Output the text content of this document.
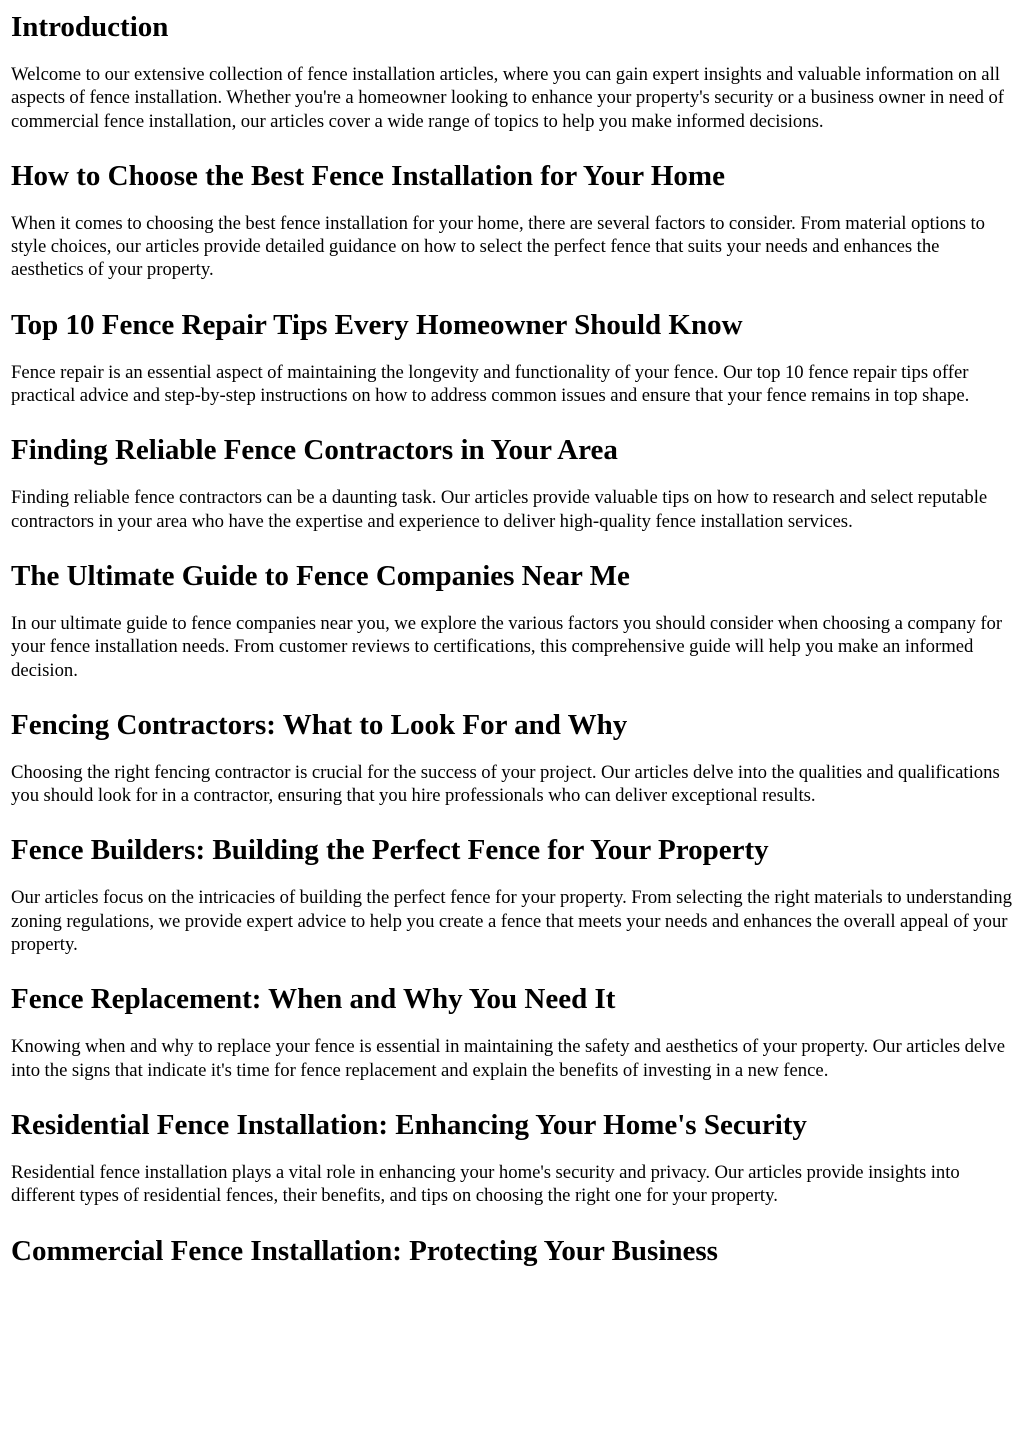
Introduction

Welcome to our extensive collection of fence installation articles, where you can gain expert insights and valuable information on all aspects of fence installation. Whether you're a homeowner looking to enhance your property's security or a business owner in need of commercial fence installation, our articles cover a wide range of topics to help you make informed decisions.

How to Choose the Best Fence Installation for Your Home

When it comes to choosing the best fence installation for your home, there are several factors to consider. From material options to style choices, our articles provide detailed guidance on how to select the perfect fence that suits your needs and enhances the aesthetics of your property.

Top 10 Fence Repair Tips Every Homeowner Should Know

Fence repair is an essential aspect of maintaining the longevity and functionality of your fence. Our top 10 fence repair tips offer practical advice and step-by-step instructions on how to address common issues and ensure that your fence remains in top shape.

Finding Reliable Fence Contractors in Your Area

Finding reliable fence contractors can be a daunting task. Our articles provide valuable tips on how to research and select reputable contractors in your area who have the expertise and experience to deliver high-quality fence installation services.

The Ultimate Guide to Fence Companies Near Me

In our ultimate guide to fence companies near you, we explore the various factors you should consider when choosing a company for your fence installation needs. From customer reviews to certifications, this comprehensive guide will help you make an informed decision.

Fencing Contractors: What to Look For and Why

Choosing the right fencing contractor is crucial for the success of your project. Our articles delve into the qualities and qualifications you should look for in a contractor, ensuring that you hire professionals who can deliver exceptional results.

Fence Builders: Building the Perfect Fence for Your Property

Our articles focus on the intricacies of building the perfect fence for your property. From selecting the right materials to understanding zoning regulations, we provide expert advice to help you create a fence that meets your needs and enhances the overall appeal of your property.

Fence Replacement: When and Why You Need It

Knowing when and why to replace your fence is essential in maintaining the safety and aesthetics of your property. Our articles delve into the signs that indicate it's time for fence replacement and explain the benefits of investing in a new fence.

Residential Fence Installation: Enhancing Your Home's Security

Residential fence installation plays a vital role in enhancing your home's security and privacy. Our articles provide insights into different types of residential fences, their benefits, and tips on choosing the right one for your property.

Commercial Fence Installation: Protecting Your Business
